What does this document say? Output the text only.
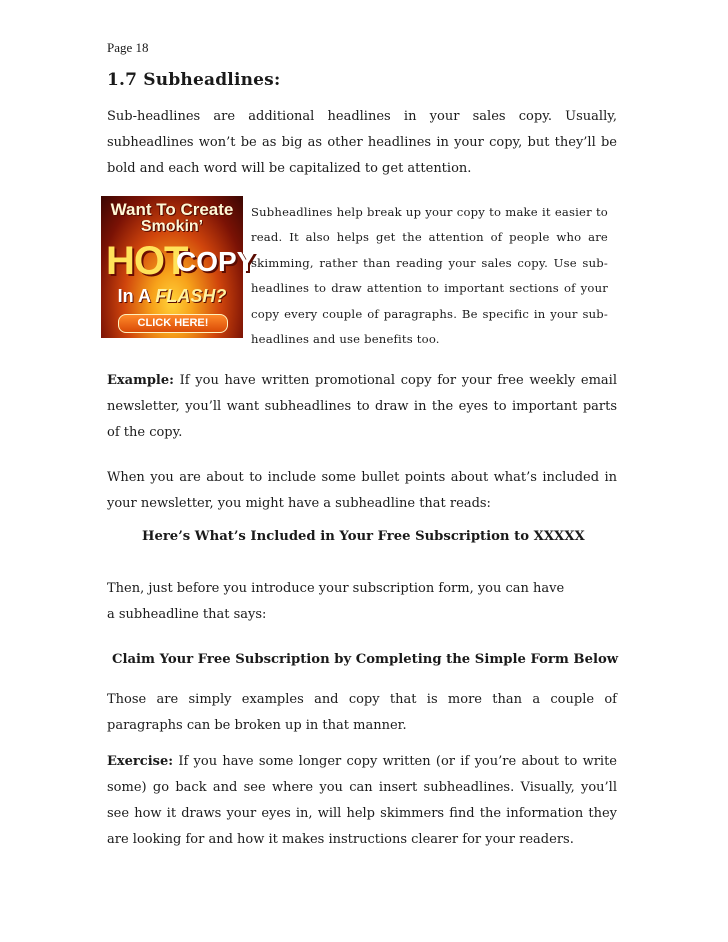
Page 18
1.7 Subheadlines:
Sub-headlines are additional headlines in your sales copy. Usually, subheadlines won’t be as big as other headlines in your copy, but they’ll be bold and each word will be capitalized to get attention.
Want To Create
Smokin’
HOT
COPY
In A FLASH?
CLICK HERE!
Subheadlines help break up your copy to make it easier to read. It also helps get the attention of people who are skimming, rather than reading your sales copy. Use sub-headlines to draw attention to important sections of your copy every couple of paragraphs. Be specific in your sub-headlines and use benefits too.
Example: If you have written promotional copy for your free weekly email newsletter, you’ll want subheadlines to draw in the eyes to important parts of the copy.
When you are about to include some bullet points about what’s included in your newsletter, you might have a subheadline that reads:
Here’s What’s Included in Your Free Subscription to XXXXX
Then, just before you introduce your subscription form, you can have
a subheadline that says:
Claim Your Free Subscription by Completing the Simple Form Below
Those are simply examples and copy that is more than a couple of paragraphs can be broken up in that manner.
Exercise: If you have some longer copy written (or if you’re about to write some) go back and see where you can insert subheadlines. Visually, you’ll see how it draws your eyes in, will help skimmers find the information they are looking for and how it makes instructions clearer for your readers.
